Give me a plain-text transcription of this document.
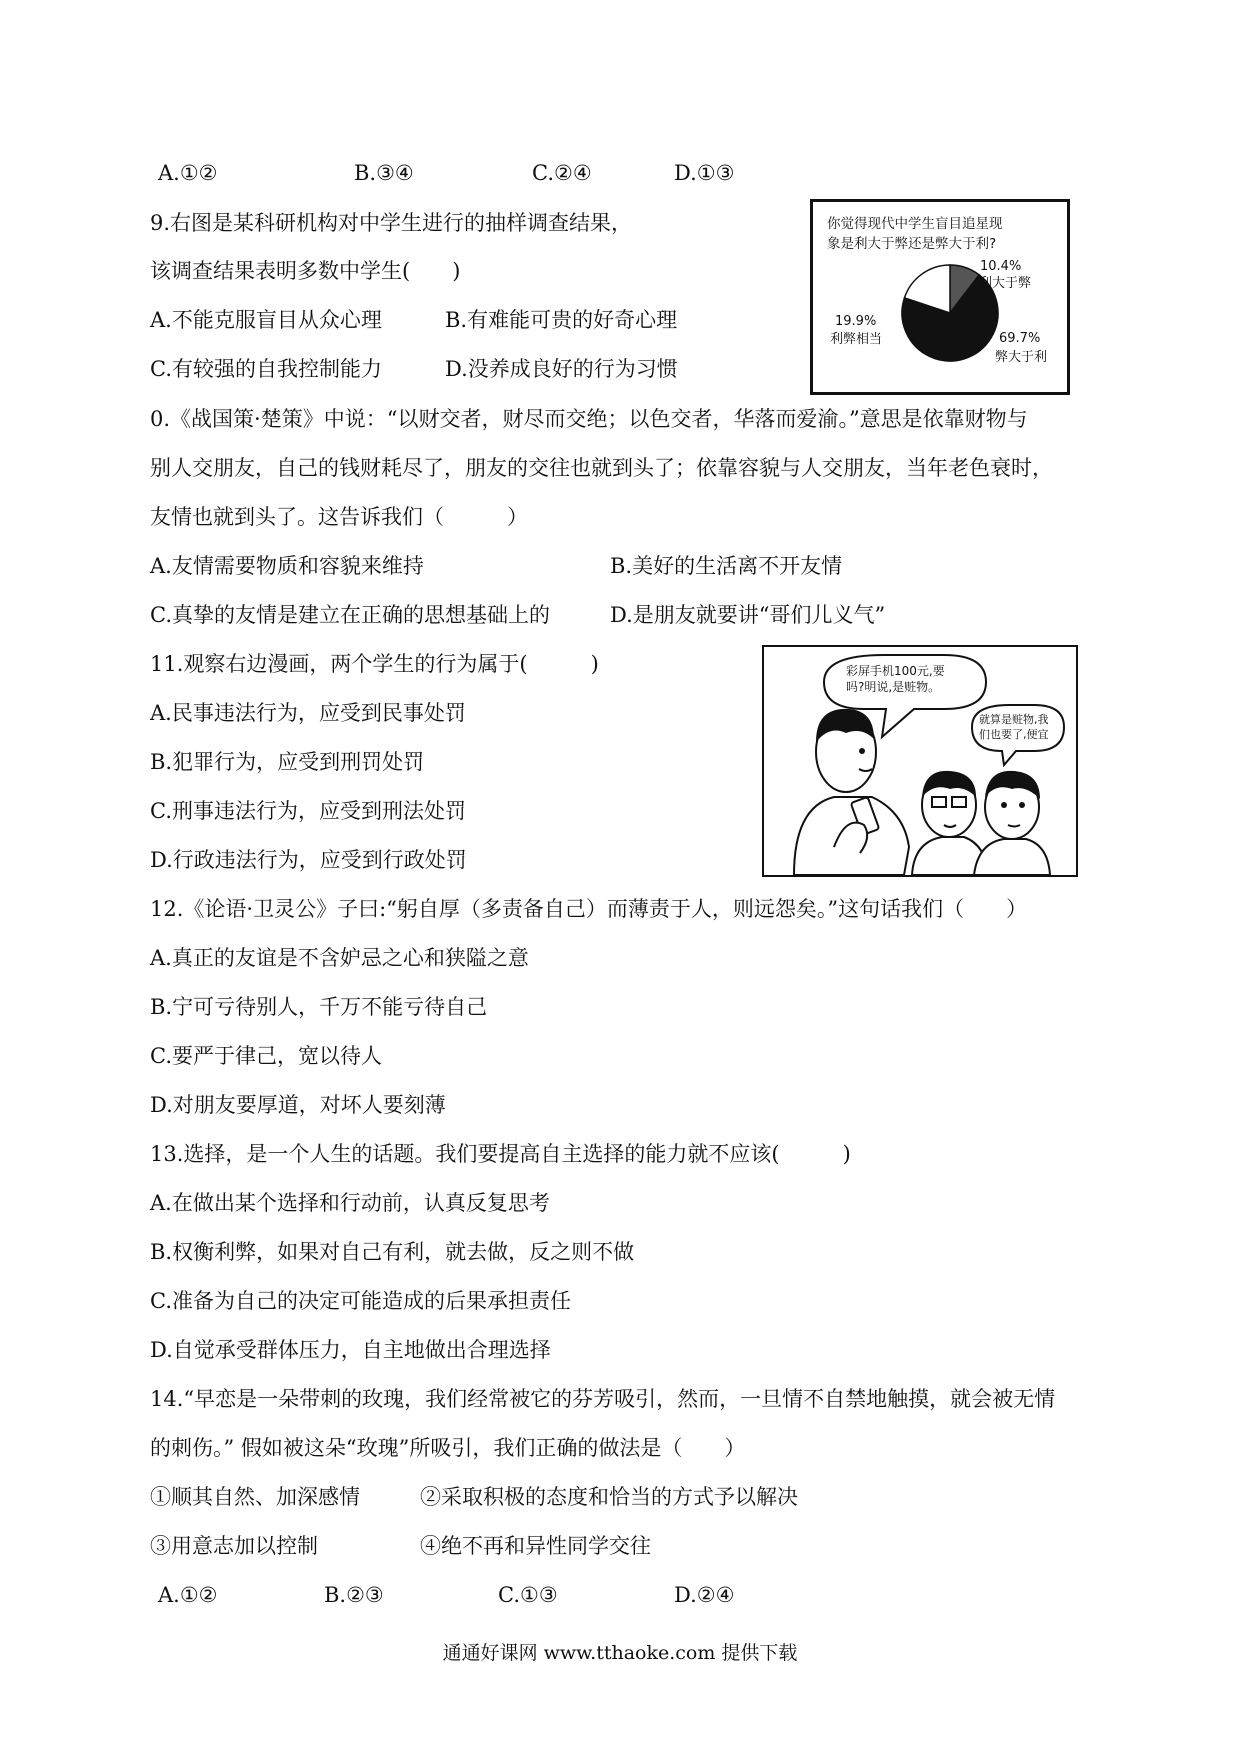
A.①②	B.③④	C.②④	D.①③
9.右图是某科研机构对中学生进行的抽样调查结果，
该调查结果表明多数中学生(　　)
A.不能克服盲目从众心理	B.有难能可贵的好奇心理
C.有较强的自我控制能力	D.没养成良好的行为习惯
你觉得现代中学生盲目追星现
象是利大于弊还是弊大于利?
10.4%
利大于弊
19.9%
利弊相当	69.7%
弊大于利
0.《战国策·楚策》中说：“以财交者，财尽而交绝；以色交者，华落而爱渝。”意思是依靠财物与
别人交朋友，自己的钱财耗尽了，朋友的交往也就到头了；依靠容貌与人交朋友，当年老色衰时，
友情也就到头了。这告诉我们（　　　）
A.友情需要物质和容貌来维持	B.美好的生活离不开友情
C.真挚的友情是建立在正确的思想基础上的	D.是朋友就要讲“哥们儿义气”
11.观察右边漫画，两个学生的行为属于(　　　)
A.民事违法行为，应受到民事处罚
B.犯罪行为，应受到刑罚处罚
C.刑事违法行为，应受到刑法处罚
D.行政违法行为，应受到行政处罚
彩屏手机100元,要
吗?明说,是赃物。
就算是赃物,我
们也要了,便宜
12.《论语·卫灵公》子曰:“躬自厚（多责备自己）而薄责于人，则远怨矣。”这句话我们（　　）
A.真正的友谊是不含妒忌之心和狭隘之意
B.宁可亏待别人，千万不能亏待自己
C.要严于律己，宽以待人
D.对朋友要厚道，对坏人要刻薄
13.选择，是一个人生的话题。我们要提高自主选择的能力就不应该(　　　)
A.在做出某个选择和行动前，认真反复思考
B.权衡利弊，如果对自己有利，就去做，反之则不做
C.准备为自己的决定可能造成的后果承担责任
D.自觉承受群体压力，自主地做出合理选择
14.“早恋是一朵带刺的玫瑰，我们经常被它的芬芳吸引，然而，一旦情不自禁地触摸，就会被无情
的刺伤。” 假如被这朵“玫瑰”所吸引，我们正确的做法是（　　）
①顺其自然、加深感情	②采取积极的态度和恰当的方式予以解决
③用意志加以控制	④绝不再和异性同学交往
A.①②	B.②③	C.①③	D.②④
通通好课网 www.tthaoke.com 提供下载
